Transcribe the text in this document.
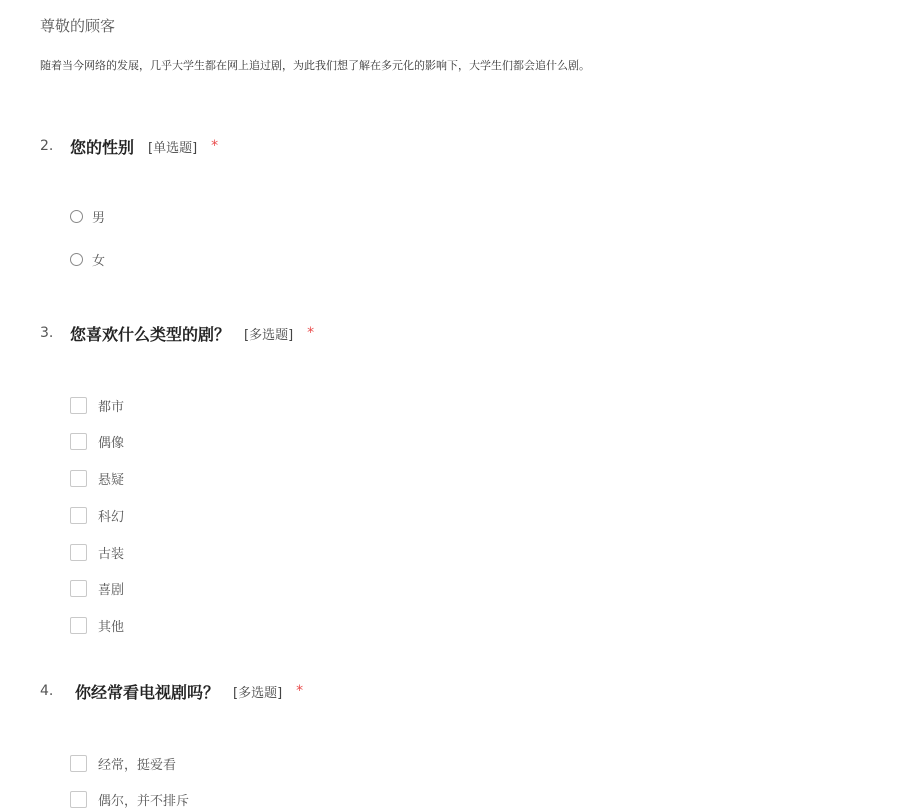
尊敬的顾客

随着当今网络的发展，几乎大学生都在网上追过剧，为此我们想了解在多元化的影响下，大学生们都会追什么剧。

2.	您的性别 [单选题] *
男
女
3.	您喜欢什么类型的剧？ [多选题] *
都市
偶像
悬疑
科幻
古装
喜剧
其他
4.	你经常看电视剧吗？ [多选题] *
经常，挺爱看
偶尔，并不排斥
